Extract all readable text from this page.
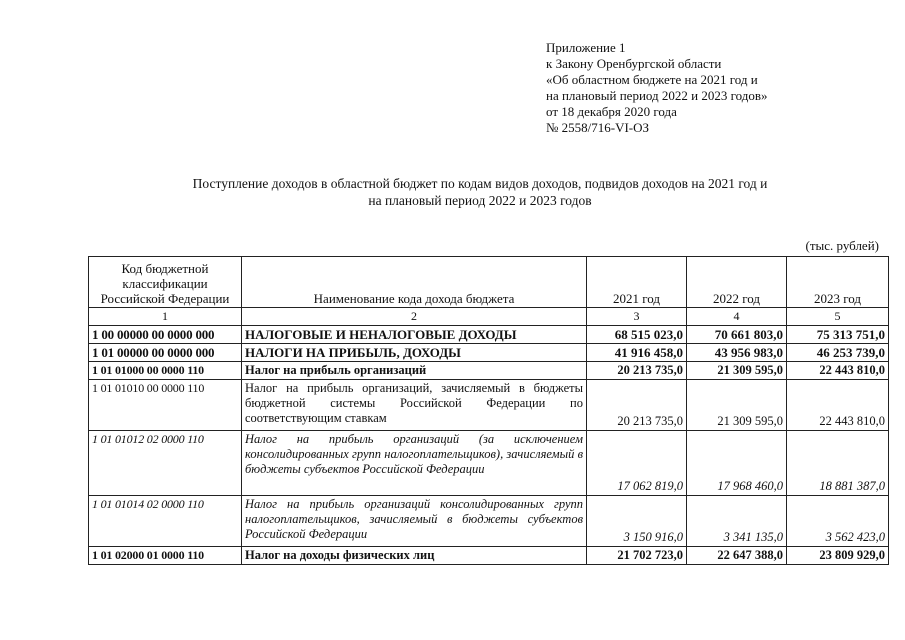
Приложение 1
к Закону Оренбургской области
«Об областном бюджете на 2021 год и
на плановый период 2022 и 2023 годов»
от 18 декабря 2020 года
№ 2558/716-VI-ОЗ
Поступление доходов в областной бюджет по кодам видов доходов, подвидов доходов на 2021 год и
на плановый период 2022 и 2023 годов
(тыс. рублей)
Код бюджетной классификации Российской Федерации	Наименование кода дохода бюджета	2021 год	2022 год	2023 год
1	2	3	4	5
1 00 00000 00 0000 000	НАЛОГОВЫЕ И НЕНАЛОГОВЫЕ ДОХОДЫ	68 515 023,0	70 661 803,0	75 313 751,0
1 01 00000 00 0000 000	НАЛОГИ НА ПРИБЫЛЬ, ДОХОДЫ	41 916 458,0	43 956 983,0	46 253 739,0
1 01 01000 00 0000 110	Налог на прибыль организаций	20 213 735,0	21 309 595,0	22 443 810,0
1 01 01010 00 0000 110	Налог на прибыль организаций, зачисляемый в бюджеты бюджетной системы Российской Федерации по соответствующим ставкам	20 213 735,0	21 309 595,0	22 443 810,0
1 01 01012 02 0000 110	Налог на прибыль организаций (за исключением консолидированных групп налогоплательщиков), зачисляемый в бюджеты субъектов Российской Федерации	17 062 819,0	17 968 460,0	18 881 387,0
1 01 01014 02 0000 110	Налог на прибыль организаций консолидированных групп налогоплательщиков, зачисляемый в бюджеты субъектов Российской Федерации	3 150 916,0	3 341 135,0	3 562 423,0
1 01 02000 01 0000 110	Налог на доходы физических лиц	21 702 723,0	22 647 388,0	23 809 929,0
